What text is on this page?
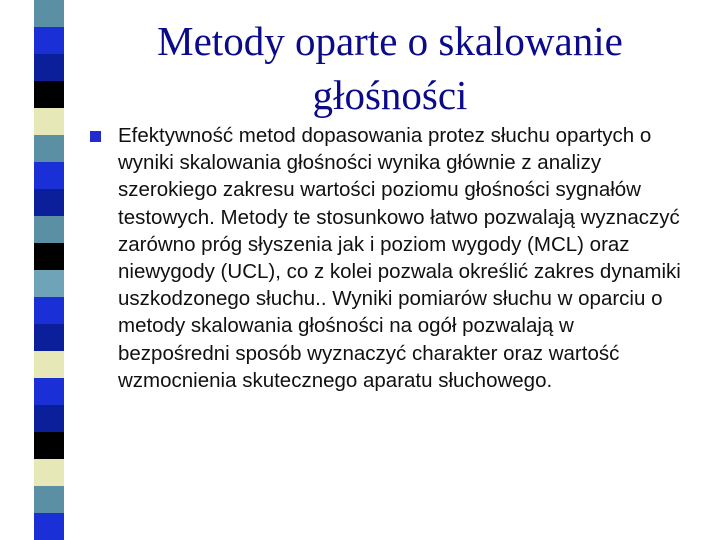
Metody oparte o skalowanie głośności

Efektywność metod dopasowania protez słuchu opartych o wyniki skalowania głośności wynika głównie z analizy szerokiego zakresu wartości poziomu głośności sygnałów testowych. Metody te stosunkowo łatwo pozwalają wyznaczyć zarówno próg słyszenia jak i poziom wygody (MCL) oraz niewygody (UCL), co z kolei pozwala określić zakres dynamiki uszkodzonego słuchu.. Wyniki pomiarów słuchu w oparciu o metody skalowania głośności na ogół pozwalają w bezpośredni sposób wyznaczyć charakter oraz wartość wzmocnienia skutecznego aparatu słuchowego.
